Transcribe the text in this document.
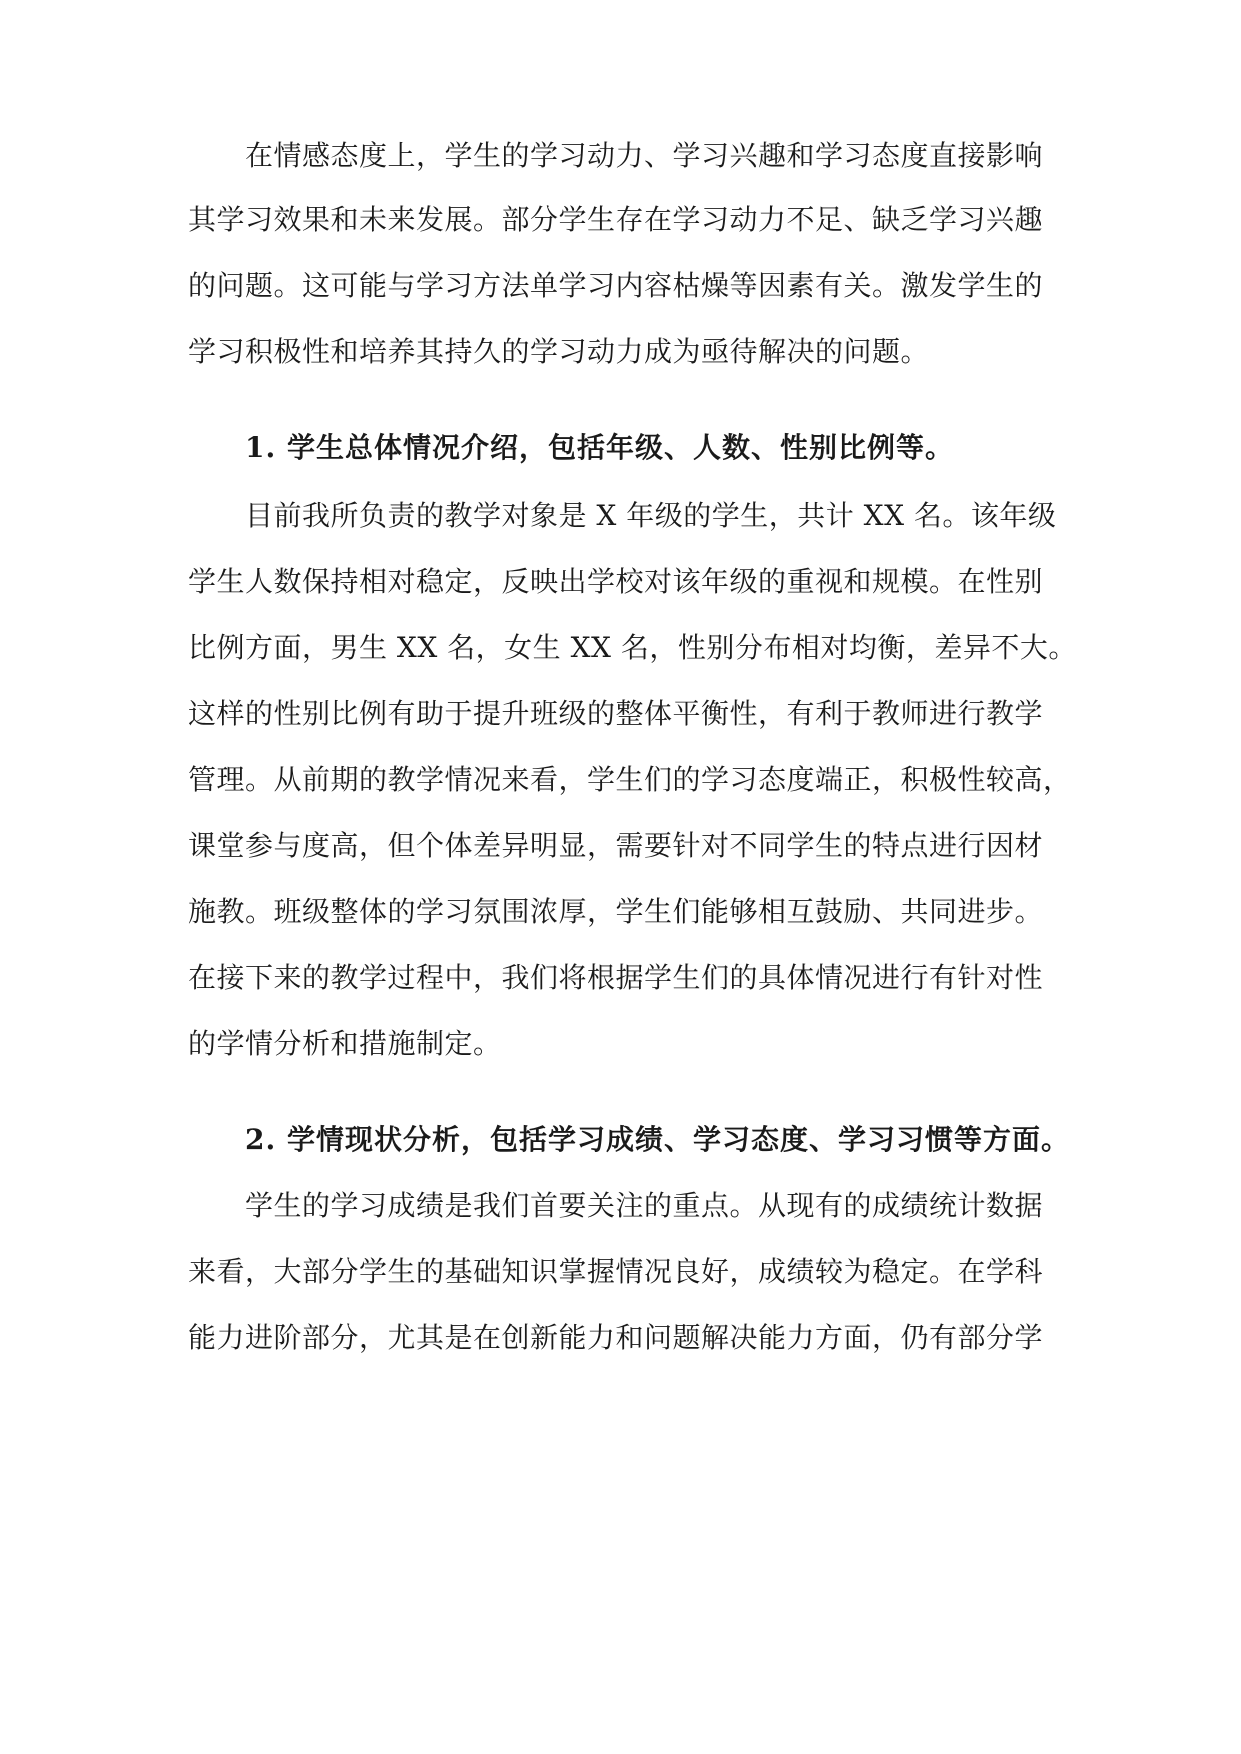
在情感态度上，学生的学习动力、学习兴趣和学习态度直接影响
其学习效果和未来发展。部分学生存在学习动力不足、缺乏学习兴趣
的问题。这可能与学习方法单学习内容枯燥等因素有关。激发学生的
学习积极性和培养其持久的学习动力成为亟待解决的问题。
1. 学生总体情况介绍，包括年级、人数、性别比例等。
目前我所负责的教学对象是 X 年级的学生，共计 XX 名。该年级
学生人数保持相对稳定，反映出学校对该年级的重视和规模。在性别
比例方面，男生 XX 名，女生 XX 名，性别分布相对均衡，差异不大。
这样的性别比例有助于提升班级的整体平衡性，有利于教师进行教学
管理。从前期的教学情况来看，学生们的学习态度端正，积极性较高，
课堂参与度高，但个体差异明显，需要针对不同学生的特点进行因材
施教。班级整体的学习氛围浓厚，学生们能够相互鼓励、共同进步。
在接下来的教学过程中，我们将根据学生们的具体情况进行有针对性
的学情分析和措施制定。
2. 学情现状分析，包括学习成绩、学习态度、学习习惯等方面。
学生的学习成绩是我们首要关注的重点。从现有的成绩统计数据
来看，大部分学生的基础知识掌握情况良好，成绩较为稳定。在学科
能力进阶部分，尤其是在创新能力和问题解决能力方面，仍有部分学
